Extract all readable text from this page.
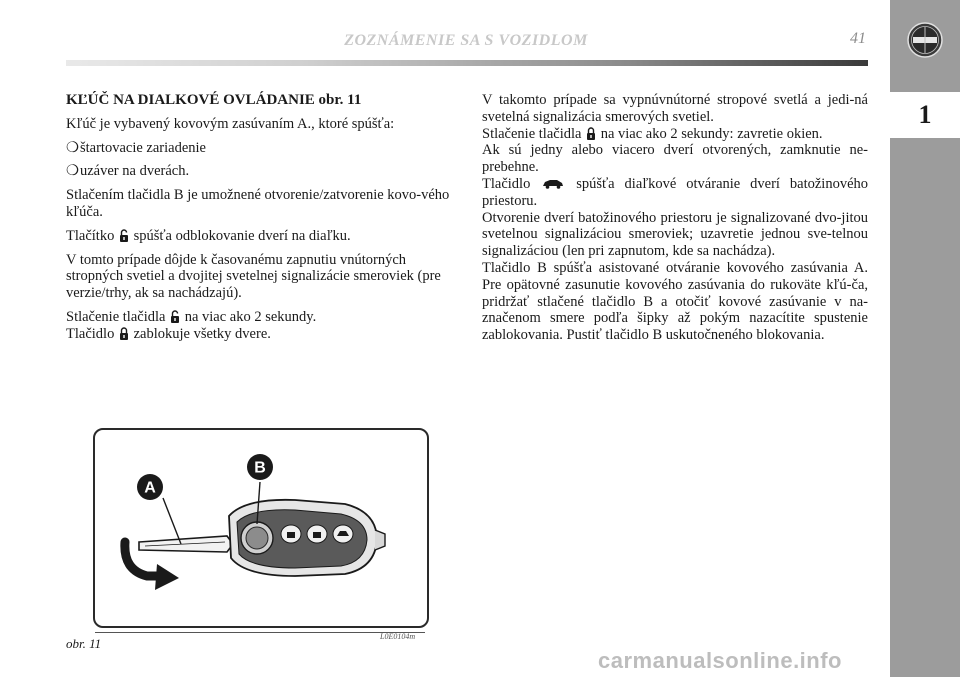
ZOZNÁMENIE SA S VOZIDLOM	41
1

KĽÚČ NA DIALKOVÉ OVLÁDANIE obr. 11

Kľúč je vybavený kovovým zasúvaním A., ktoré spúšťa:

❍štartovacie zariadenie

❍uzáver na dverách.

Stlačením tlačidla B je umožnené otvorenie/zatvorenie kovo-vého kľúča.

Tlačítko spúšťa odblokovanie dverí na diaľku.

V tomto prípade dôjde k časovanému zapnutiu vnútorných stropných svetiel a dvojitej svetelnej signalizácie smeroviek (pre verzie/trhy, ak sa nachádzajú).

Stlačenie tlačidla na viac ako 2 sekundy.

Tlačidlo zablokuje všetky dvere.

V takomto prípade sa vypnúvnútorné stropové svetlá a jedi-ná svetelná signalizácia smerových svetiel.

Stlačenie tlačidla na viac ako 2 sekundy: zavretie okien.

Ak sú jedny alebo viacero dverí otvorených, zamknutie ne-prebehne.

Tlačidlo	spúšťa diaľkové otváranie dverí batožinového priestoru.

Otvorenie dverí batožinového priestoru je signalizované dvo-jitou svetelnou signalizáciou smeroviek; uzavretie jednou sve-telnou signalizáciou (len pri zapnutom, kde sa nachádza).

Tlačidlo B spúšťa asistované otváranie kovového zasúvania A. Pre opätovné zasunutie kovového zasúvania do rukoväte kľú-ča, pridržať stlačené tlačidlo B a otočiť kovové zasúvanie v na-značenom smere podľa šipky až pokým nazacítite spustenie zablokovania. Pustiť tlačidlo B uskutočneného blokovania.

A
B
obr. 11	L0E0104m
carmanualsonline.info
